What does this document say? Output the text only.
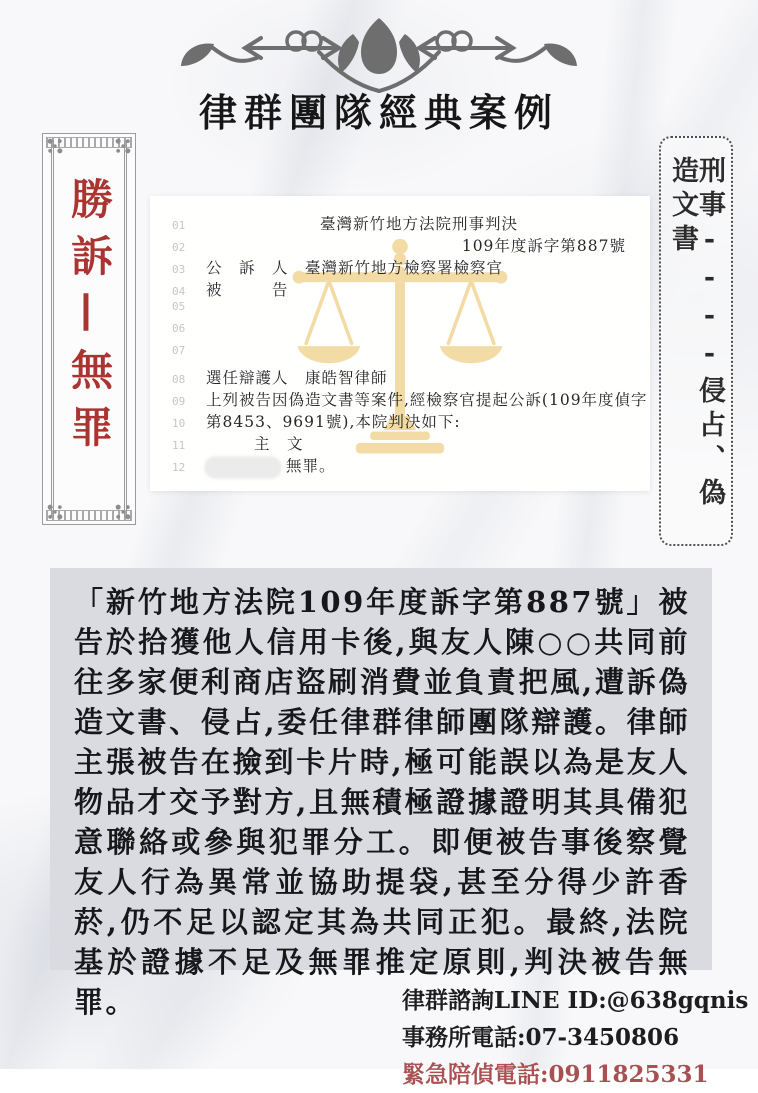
律群團隊經典案例
勝訴—無罪	刑事----侵占、偽造文書
01	臺灣新竹地方法院刑事判決
02	109年度訴字第887號
03	公　訴　人　臺灣新竹地方檢察署檢察官
04	被　　　告
05
06
07
08	選任辯護人　康皓智律師
09	上列被告因偽造文書等案件,經檢察官提起公訴(109年度偵字
10	第8453、9691號),本院判決如下:
11	主　文
12	無罪。
「新竹地方法院109年度訴字第887號」被告於拾獲他人信用卡後,與友人陳○○共同前往多家便利商店盜刷消費並負責把風,遭訴偽造文書、侵占,委任律群律師團隊辯護。律師主張被告在撿到卡片時,極可能誤以為是友人物品才交予對方,且無積極證據證明其具備犯意聯絡或參與犯罪分工。即便被告事後察覺友人行為異常並協助提袋,甚至分得少許香菸,仍不足以認定其為共同正犯。最終,法院基於證據不足及無罪推定原則,判決被告無罪。	律群諮詢LINE ID:@638gqnis
事務所電話:07-3450806
緊急陪偵電話:0911825331
